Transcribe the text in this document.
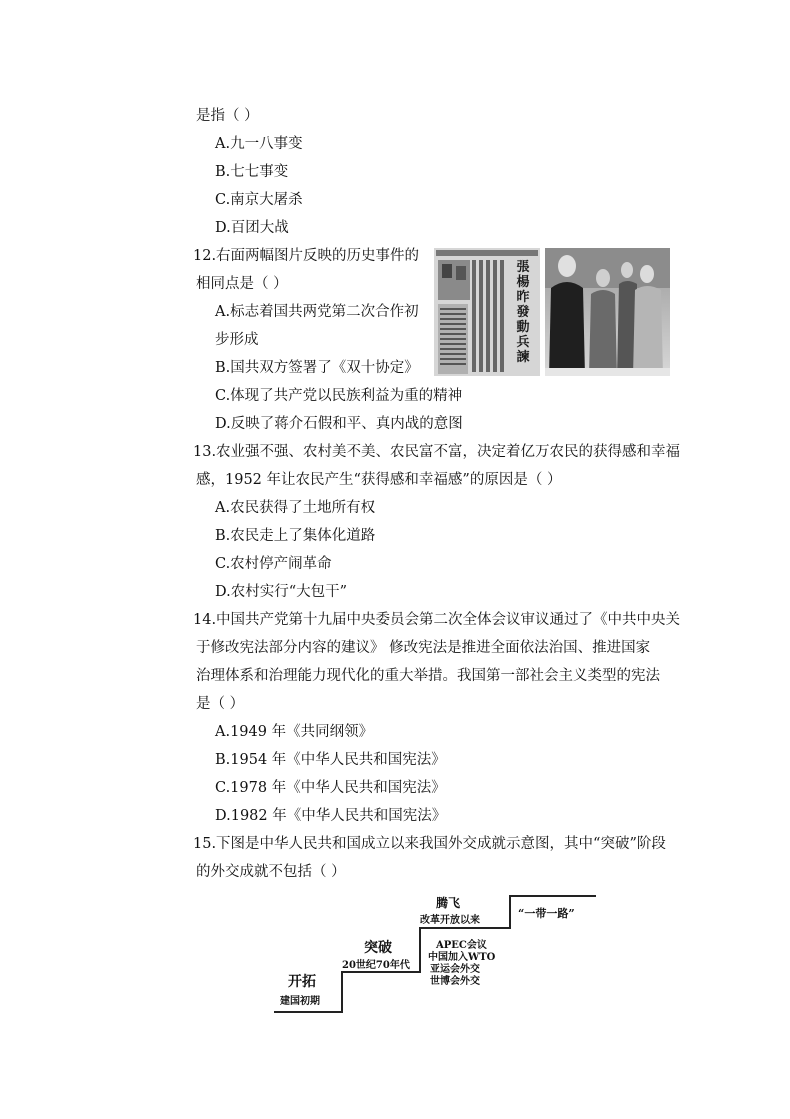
是指（ ）
A.九一八事变
B.七七事变
C.南京大屠杀
D.百团大战
12.右面两幅图片反映的历史事件的
相同点是（ ）
A.标志着国共两党第二次合作初
步形成
B.国共双方签署了《双十协定》
C.体现了共产党以民族利益为重的精神
D.反映了蒋介石假和平、真内战的意图
張
楊
昨
發
動
兵
諫
13.农业强不强、农村美不美、农民富不富，决定着亿万农民的获得感和幸福
感，1952 年让农民产生“获得感和幸福感”的原因是（ ）
A.农民获得了土地所有权
B.农民走上了集体化道路
C.农村停产闹革命
D.农村实行“大包干”
14.中国共产党第十九届中央委员会第二次全体会议审议通过了《中共中央关
于修改宪法部分内容的建议》 修改宪法是推进全面依法治国、推进国家
治理体系和治理能力现代化的重大举措。我国第一部社会主义类型的宪法
是（ ）
A.1949 年《共同纲领》
B.1954 年《中华人民共和国宪法》
C.1978 年《中华人民共和国宪法》
D.1982 年《中华人民共和国宪法》
15.下图是中华人民共和国成立以来我国外交成就示意图，其中“突破”阶段
的外交成就不包括（ ）
开拓
建国初期
突破
20世纪70年代
腾飞
改革开放以来
APEC会议
中国加入WTO
亚运会外交
世博会外交
“一带一路”
